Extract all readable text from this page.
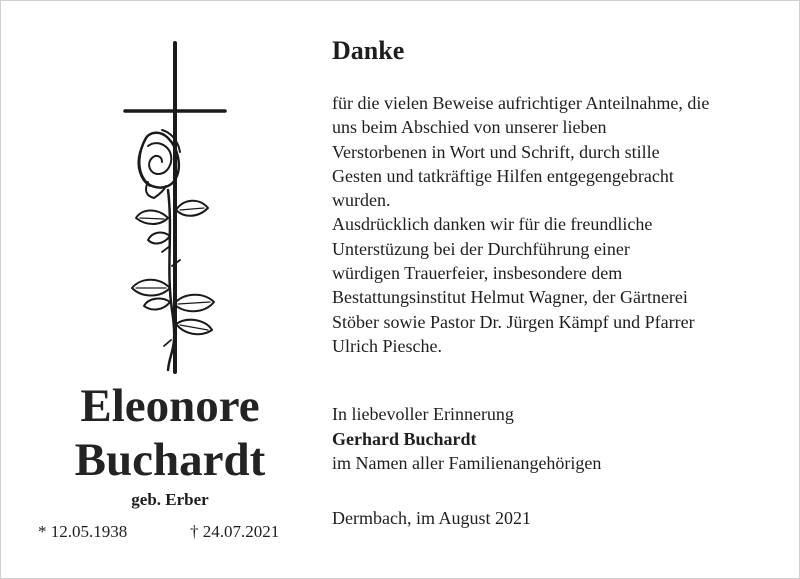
Eleonore
Buchardt
geb. Erber
* 12.05.1938	† 24.07.2021
Danke
für die vielen Beweise aufrichtiger Anteilnahme, die
uns beim Abschied von unserer lieben
Verstorbenen in Wort und Schrift, durch stille
Gesten und tatkräftige Hilfen entgegengebracht
wurden.
Ausdrücklich danken wir für die freundliche
Unterstüzung bei der Durchführung einer
würdigen Trauerfeier, insbesondere dem
Bestattungsinstitut Helmut Wagner, der Gärtnerei
Stöber sowie Pastor Dr. Jürgen Kämpf und Pfarrer
Ulrich Piesche.
In liebevoller Erinnerung
Gerhard Buchardt
im Namen aller Familienangehörigen
Dermbach, im August 2021
